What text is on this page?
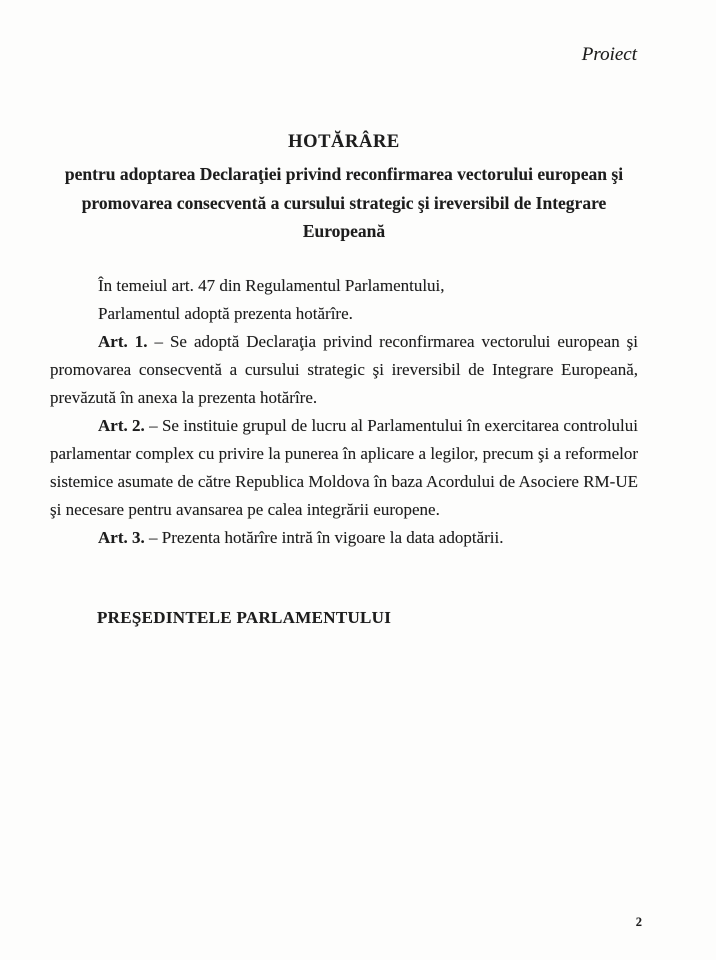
Proiect

HOTĂRÂRE

pentru adoptarea Declaraţiei privind reconfirmarea vectorului european şi

promovarea consecventă a cursului strategic şi ireversibil de Integrare Europeană

În temeiul art. 47 din Regulamentul Parlamentului,

Parlamentul adoptă prezenta hotărîre.

Art. 1. – Se adoptă Declaraţia privind reconfirmarea vectorului european şi promovarea consecventă a cursului strategic şi ireversibil de Integrare Europeană, prevăzută în anexa la prezenta hotărîre.

Art. 2. – Se instituie grupul de lucru al Parlamentului în exercitarea controlului parlamentar complex cu privire la punerea în aplicare a legilor, precum şi a reformelor sistemice asumate de către Republica Moldova în baza Acordului de Asociere RM-UE şi necesare pentru avansarea pe calea integrării europene.

Art. 3. – Prezenta hotărîre intră în vigoare la data adoptării.

PREŞEDINTELE PARLAMENTULUI

2
